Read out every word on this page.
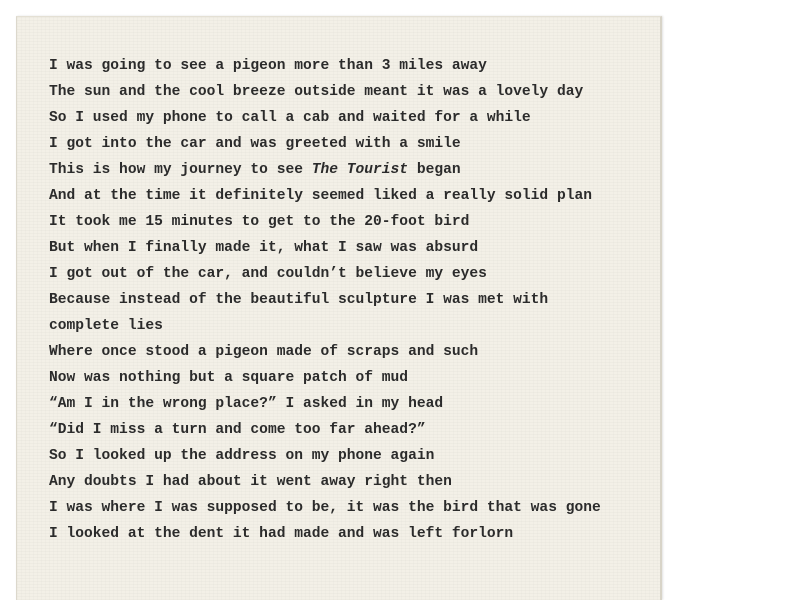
I was going to see a pigeon more than 3 miles away
The sun and the cool breeze outside meant it was a lovely day
So I used my phone to call a cab and waited for a while
I got into the car and was greeted with a smile
This is how my journey to see The Tourist began
And at the time it definitely seemed liked a really solid plan
It took me 15 minutes to get to the 20-foot bird
But when I finally made it, what I saw was absurd
I got out of the car, and couldn’t believe my eyes
Because instead of the beautiful sculpture I was met with
complete lies
Where once stood a pigeon made of scraps and such
Now was nothing but a square patch of mud
“Am I in the wrong place?” I asked in my head
“Did I miss a turn and come too far ahead?”
So I looked up the address on my phone again
Any doubts I had about it went away right then
I was where I was supposed to be, it was the bird that was gone
I looked at the dent it had made and was left forlorn
